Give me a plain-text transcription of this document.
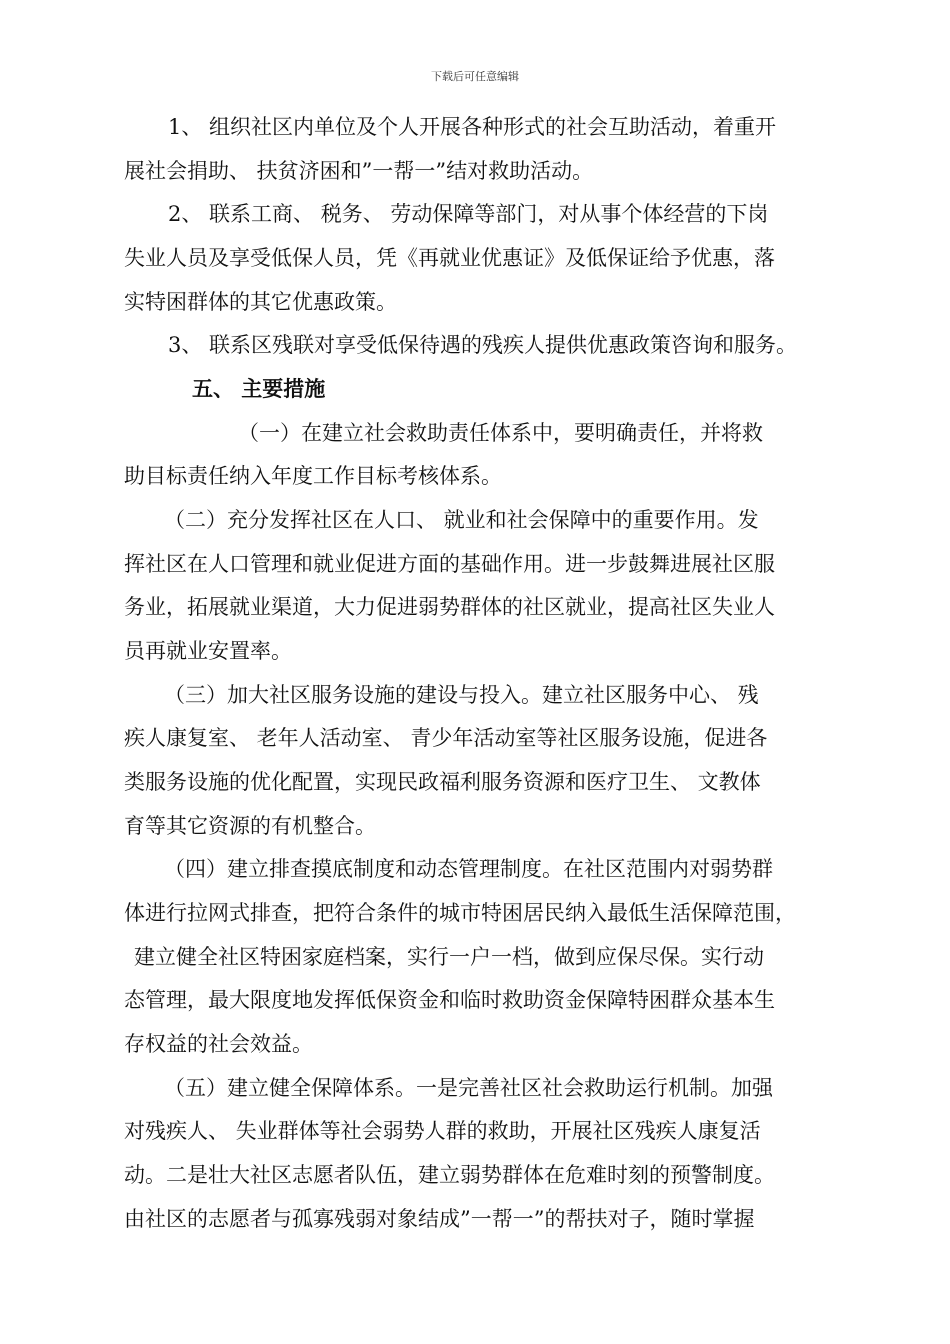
下载后可任意编辑
1、 组织社区内单位及个人开展各种形式的社会互助活动，着重开
展社会捐助、 扶贫济困和”一帮一”结对救助活动。
2、 联系工商、 税务、 劳动保障等部门，对从事个体经营的下岗
失业人员及享受低保人员，凭《再就业优惠证》及低保证给予优惠，落
实特困群体的其它优惠政策。
3、 联系区残联对享受低保待遇的残疾人提供优惠政策咨询和服务。
五、 主要措施
（一）在建立社会救助责任体系中，要明确责任，并将救
助目标责任纳入年度工作目标考核体系。
（二）充分发挥社区在人口、 就业和社会保障中的重要作用。发
挥社区在人口管理和就业促进方面的基础作用。进一步鼓舞进展社区服
务业，拓展就业渠道，大力促进弱势群体的社区就业，提高社区失业人
员再就业安置率。
（三）加大社区服务设施的建设与投入。建立社区服务中心、 残
疾人康复室、 老年人活动室、 青少年活动室等社区服务设施，促进各
类服务设施的优化配置，实现民政福利服务资源和医疗卫生、 文教体
育等其它资源的有机整合。
（四）建立排查摸底制度和动态管理制度。在社区范围内对弱势群
体进行拉网式排查，把符合条件的城市特困居民纳入最低生活保障范围，
建立健全社区特困家庭档案，实行一户一档，做到应保尽保。实行动
态管理，最大限度地发挥低保资金和临时救助资金保障特困群众基本生
存权益的社会效益。
（五）建立健全保障体系。一是完善社区社会救助运行机制。加强
对残疾人、 失业群体等社会弱势人群的救助，开展社区残疾人康复活
动。二是壮大社区志愿者队伍，建立弱势群体在危难时刻的预警制度。
由社区的志愿者与孤寡残弱对象结成”一帮一”的帮扶对子，随时掌握
